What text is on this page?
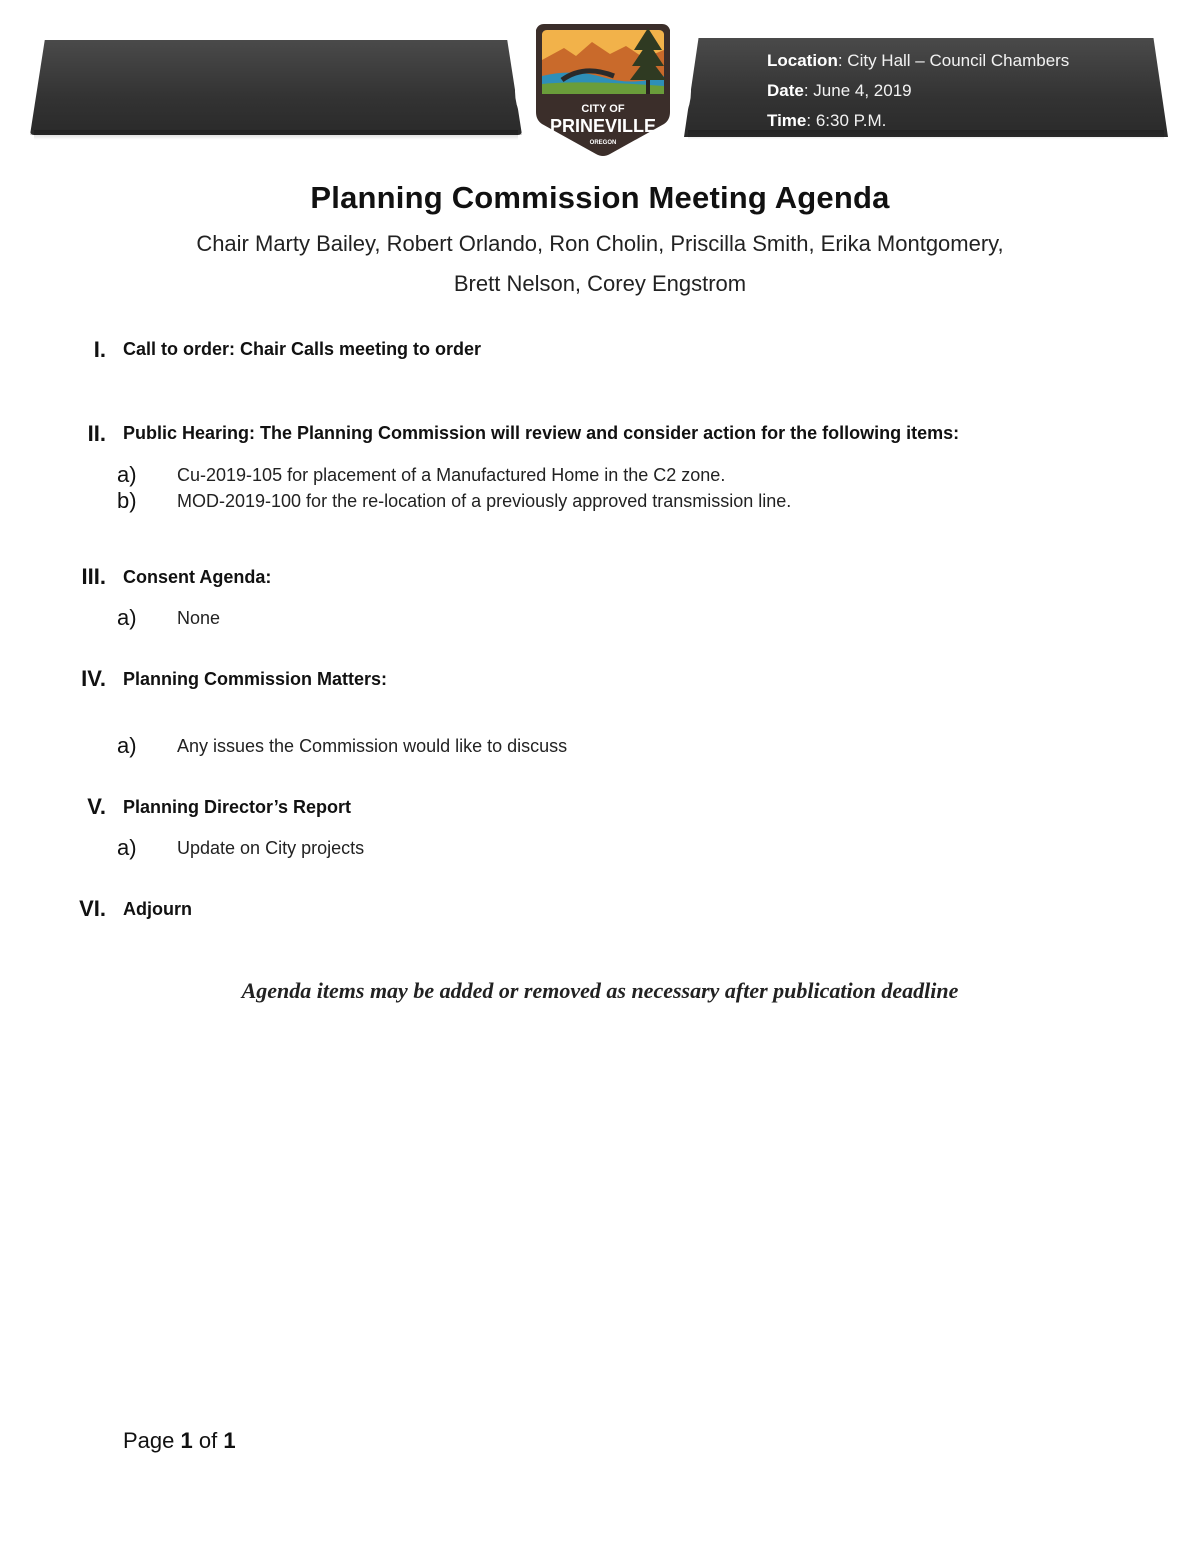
Location: City Hall – Council Chambers
Date: June 4, 2019
Time: 6:30 P.M.
CITY OF
PRINEVILLE
OREGON
Planning Commission Meeting Agenda
Chair Marty Bailey, Robert Orlando, Ron Cholin, Priscilla Smith, Erika Montgomery,
Brett Nelson, Corey Engstrom
I. Call to order: Chair Calls meeting to order
II. Public Hearing: The Planning Commission will review and consider action for the following items:
a) Cu-2019-105 for placement of a Manufactured Home in the C2 zone.
b) MOD-2019-100 for the re-location of a previously approved transmission line.
III. Consent Agenda:
a) None
IV. Planning Commission Matters:
a) Any issues the Commission would like to discuss
V. Planning Director’s Report
a) Update on City projects
VI. Adjourn
Agenda items may be added or removed as necessary after publication deadline
Page 1 of 1
